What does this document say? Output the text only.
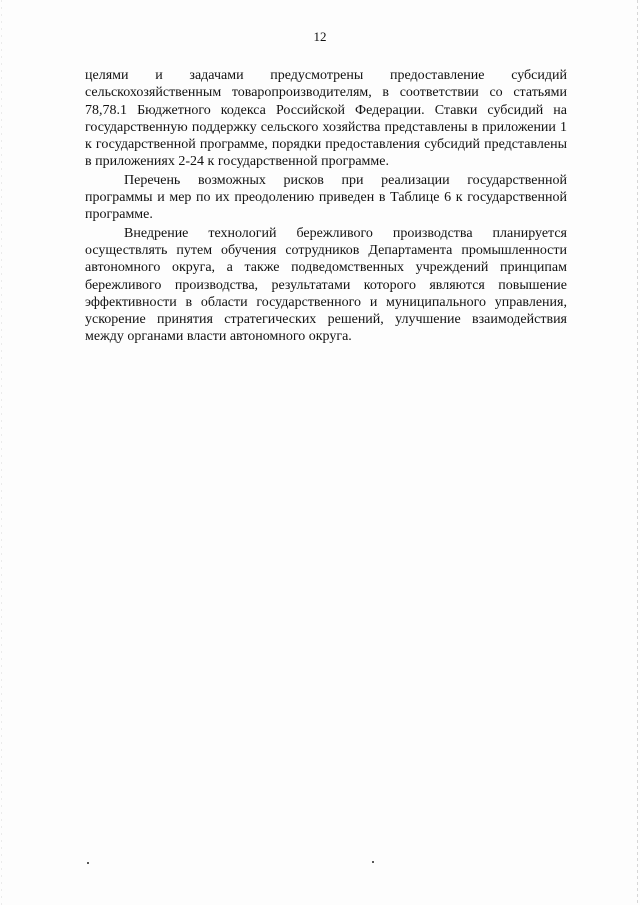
12

целями и задачами предусмотрены предоставление субсидий сельскохозяйственным товаропроизводителям, в соответствии со статьями 78,78.1 Бюджетного кодекса Российской Федерации. Ставки субсидий на государственную поддержку сельского хозяйства представлены в приложении 1 к государственной программе, порядки предоставления субсидий представлены в приложениях 2-24 к государственной программе.

Перечень возможных рисков при реализации государственной программы и мер по их преодолению приведен в Таблице 6 к государственной программе.

Внедрение технологий бережливого производства планируется осуществлять путем обучения сотрудников Департамента промышленности автономного округа, а также подведомственных учреждений принципам бережливого производства, результатами которого являются повышение эффективности в области государственного и муниципального управления, ускорение принятия стратегических решений, улучшение взаимодействия между органами власти автономного округа.
